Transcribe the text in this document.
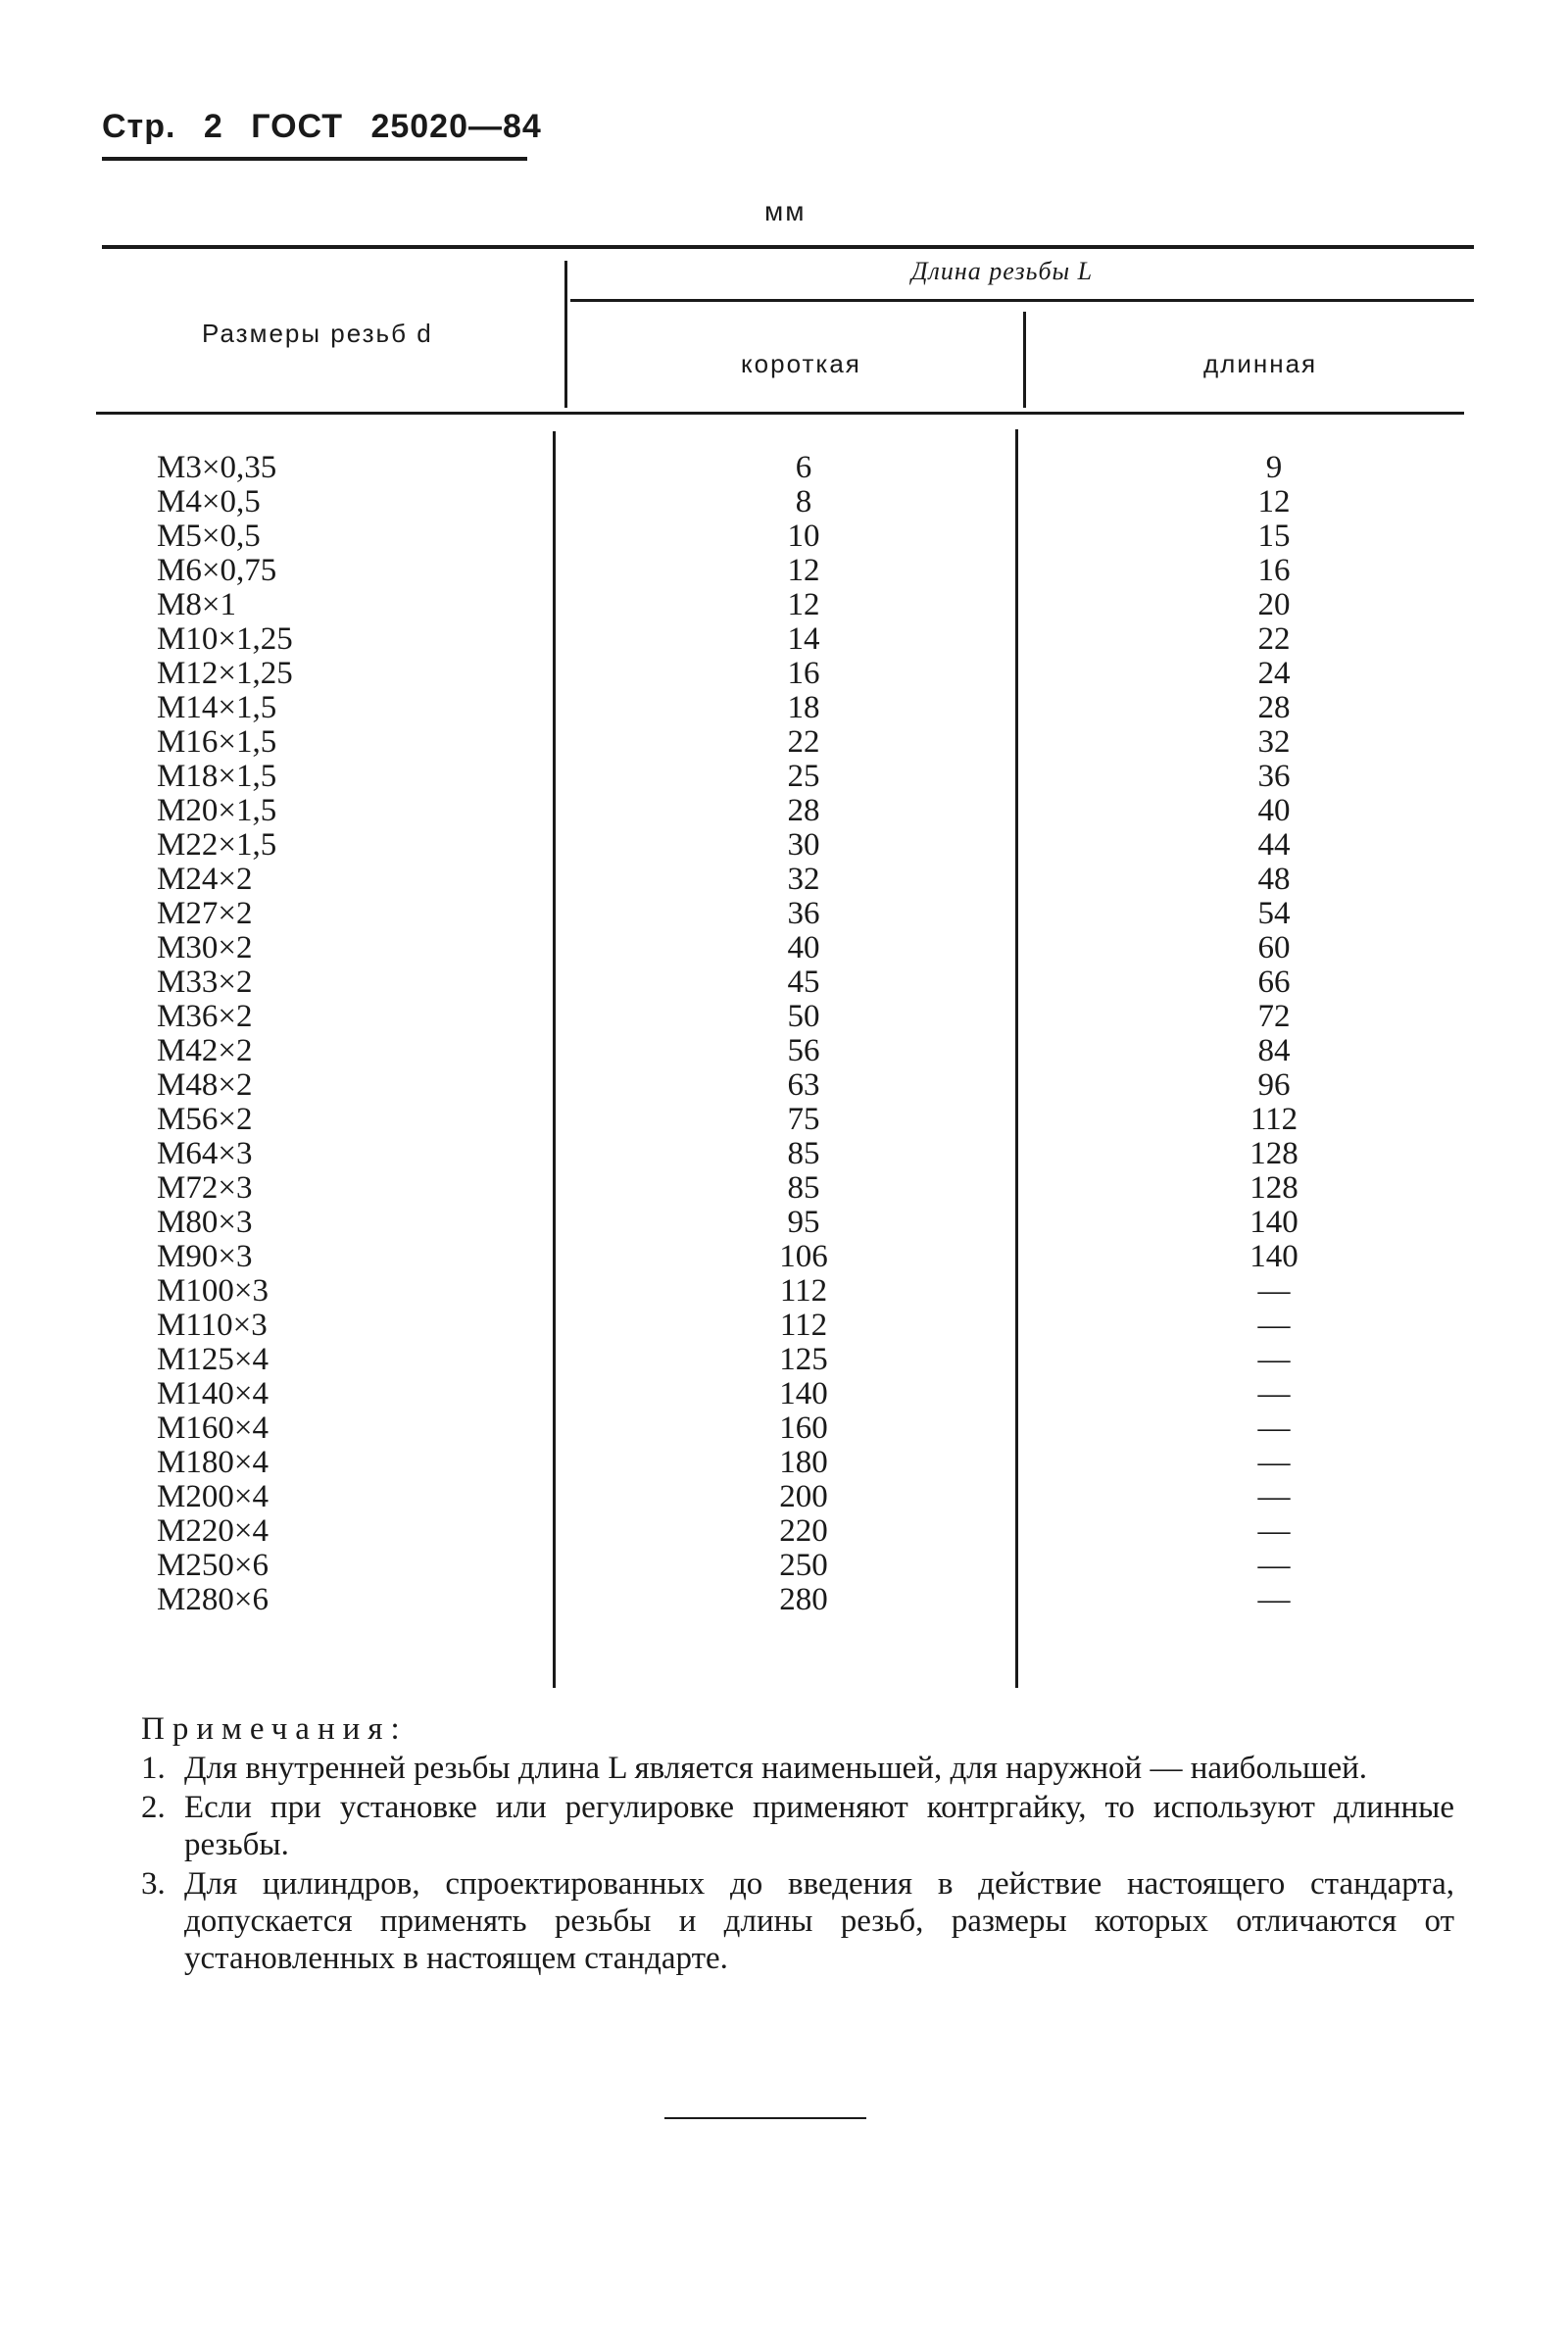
Стр. 2 ГОСТ 25020—84
мм
Размеры резьб d
Длина резьбы L
короткая	длинная
M3×0,35	6	9
M4×0,5	8	12
M5×0,5	10	15
M6×0,75	12	16
M8×1	12	20
M10×1,25	14	22
M12×1,25	16	24
M14×1,5	18	28
M16×1,5	22	32
M18×1,5	25	36
M20×1,5	28	40
M22×1,5	30	44
M24×2	32	48
M27×2	36	54
M30×2	40	60
M33×2	45	66
M36×2	50	72
M42×2	56	84
M48×2	63	96
M56×2	75	112
M64×3	85	128
M72×3	85	128
M80×3	95	140
M90×3	106	140
M100×3	112	—
M110×3	112	—
M125×4	125	—
M140×4	140	—
M160×4	160	—
M180×4	180	—
M200×4	200	—
M220×4	220	—
M250×6	250	—
M280×6	280	—
Примечания:
1. Для внутренней резьбы длина L является наименьшей, для наружной — наибольшей.
2. Если при установке или регулировке применяют контргайку, то используют длинные резьбы.
3. Для цилиндров, спроектированных до введения в действие настоящего стандарта, допускается применять резьбы и длины резьб, размеры которых отличаются от установленных в настоящем стандарте.
